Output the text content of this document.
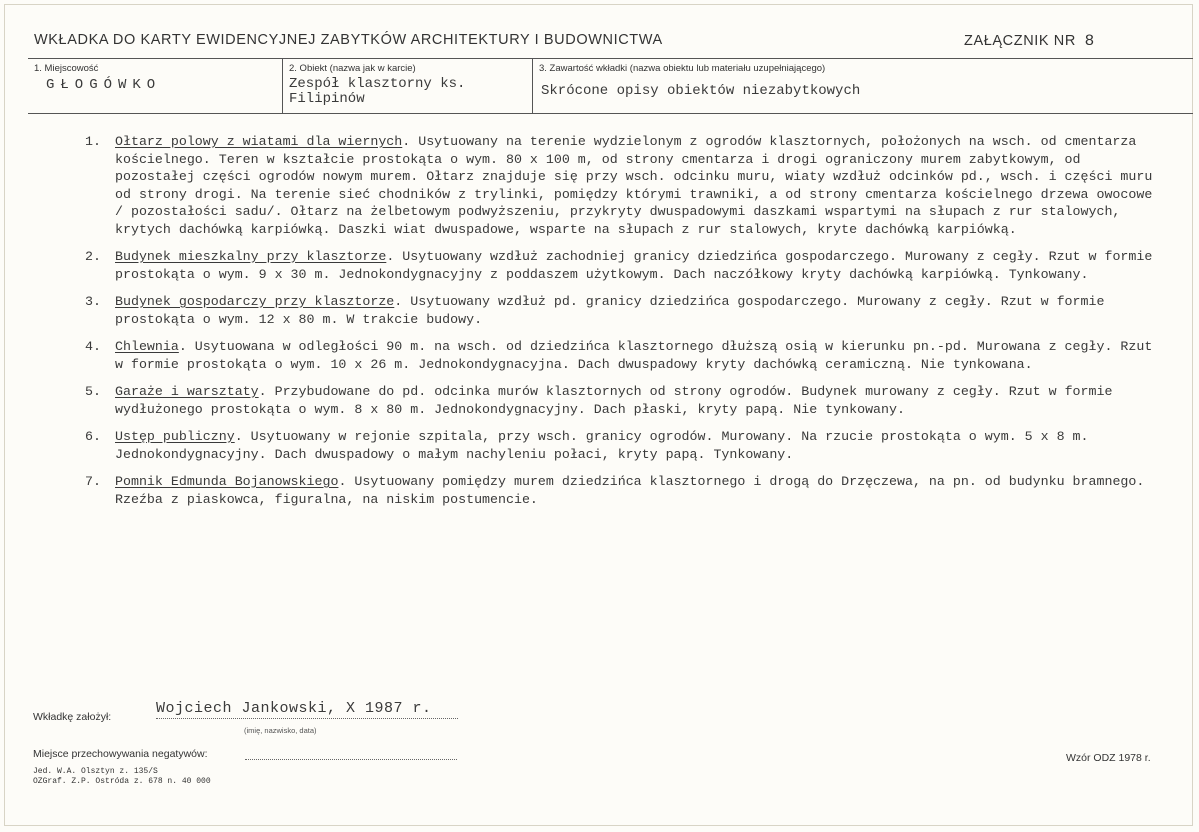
WKŁADKA DO KARTY EWIDENCYJNEJ ZABYTKÓW ARCHITEKTURY I BUDOWNICTWA	ZAŁĄCZNIK NR 8
1. Miejscowość
GŁOGÓWKO
2. Obiekt (nazwa jak w karcie)
Zespół klasztorny ks.
Filipinów
3. Zawartość wkładki (nazwa obiektu lub materiału uzupełniającego)
Skrócone opisy obiektów niezabytkowych
1.	Ołtarz polowy z wiatami dla wiernych. Usytuowany na terenie wydzielonym z ogrodów klasztornych, położonych na wsch. od cmentarza kościelnego. Teren w kształcie prostokąta o wym. 80 x 100 m, od strony cmentarza i drogi ograniczony murem zabytkowym, od pozostałej części ogrodów nowym murem. Ołtarz znajduje się przy wsch. odcinku muru, wiaty wzdłuż odcinków pd., wsch. i części muru od strony drogi. Na terenie sieć chodników z trylinki, pomiędzy którymi trawniki, a od strony cmentarza kościelnego drzewa owocowe / pozostałości sadu/. Ołtarz na żelbetowym podwyższeniu, przykryty dwuspadowymi daszkami wspartymi na słupach z rur stalowych, krytych dachówką karpiówką. Daszki wiat dwuspadowe, wsparte na słupach z rur stalowych, kryte dachówką karpiówką.
2.	Budynek mieszkalny przy klasztorze. Usytuowany wzdłuż zachodniej granicy dziedzińca gospodarczego. Murowany z cegły. Rzut w formie prostokąta o wym. 9 x 30 m. Jednokondygnacyjny z poddaszem użytkowym. Dach naczółkowy kryty dachówką karpiówką. Tynkowany.
3.	Budynek gospodarczy przy klasztorze. Usytuowany wzdłuż pd. granicy dziedzińca gospodarczego. Murowany z cegły. Rzut w formie prostokąta o wym. 12 x 80 m. W trakcie budowy.
4.	Chlewnia. Usytuowana w odległości 90 m. na wsch. od dziedzińca klasztornego dłuższą osią w kierunku pn.-pd. Murowana z cegły. Rzut w formie prostokąta o wym. 10 x 26 m. Jednokondygnacyjna. Dach dwuspadowy kryty dachówką ceramiczną. Nie tynkowana.
5.	Garaże i warsztaty. Przybudowane do pd. odcinka murów klasztornych od strony ogrodów. Budynek murowany z cegły. Rzut w formie wydłużonego prostokąta o wym. 8 x 80 m. Jednokondygnacyjny. Dach płaski, kryty papą. Nie tynkowany.
6.	Ustęp publiczny. Usytuowany w rejonie szpitala, przy wsch. granicy ogrodów. Murowany. Na rzucie prostokąta o wym. 5 x 8 m. Jednokondygnacyjny. Dach dwuspadowy o małym nachyleniu połaci, kryty papą. Tynkowany.
7.	Pomnik Edmunda Bojanowskiego. Usytuowany pomiędzy murem dziedzińca klasztornego i drogą do Drzęczewa, na pn. od budynku bramnego. Rzeźba z piaskowca, figuralna, na niskim postumencie.
Wkładkę założył:	Wojciech Jankowski, X 1987 r.
(imię, nazwisko, data)
Miejsce przechowywania negatywów:
Jed. W.A. Olsztyn z. 135/S
OZGraf. Z.P. Ostróda z. 678 n. 40 000
Wzór ODZ 1978 r.
